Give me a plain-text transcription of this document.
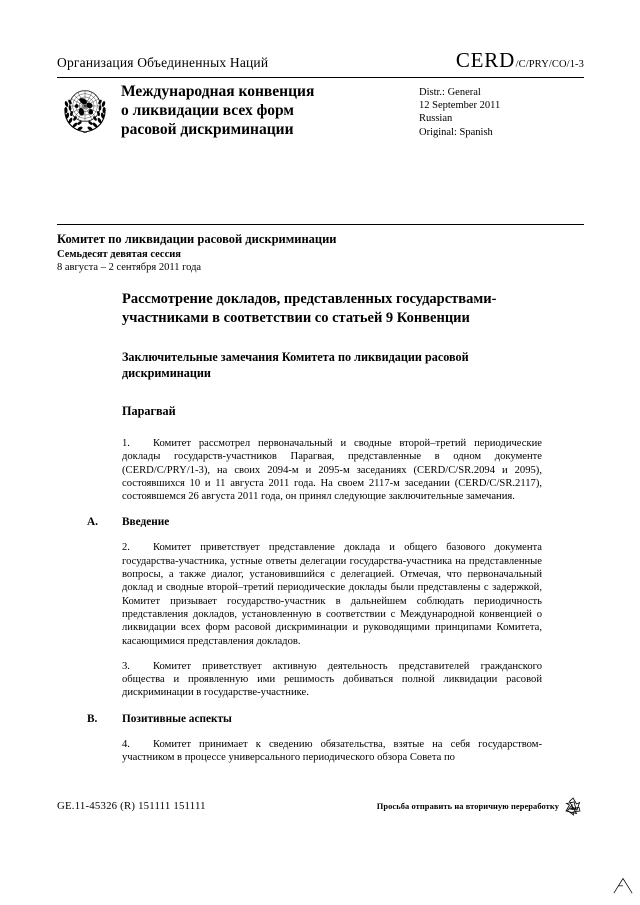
Организация Объединенных Наций	CERD /C/PRY/CO/1-3
Международная конвенция
о ликвидации всех форм
расовой дискриминации
Distr.: General
12 September 2011
Russian
Original: Spanish
Комитет по ликвидации расовой дискриминации
Семьдесят девятая сессия
8 августа – 2 сентября 2011 года
Рассмотрение докладов, представленных государствами-участниками в соответствии со статьей 9 Конвенции
Заключительные замечания Комитета по ликвидации расовой дискриминации
Парагвай

1. Комитет рассмотрел первоначальный и сводные второй–третий периодические доклады государств-участников Парагвая, представленные в одном документе (CERD/C/PRY/1-3), на своих 2094-м и 2095-м заседаниях (CERD/C/SR.2094 и 2095), состоявшихся 10 и 11 августа 2011 года. На своем 2117-м заседании (CERD/C/SR.2117), состоявшемся 26 августа 2011 года, он принял следующие заключительные замечания.

A.	Введение

2. Комитет приветствует представление доклада и общего базового документа государства-участника, устные ответы делегации государства-участника на представленные вопросы, а также диалог, установившийся с делегацией. Отмечая, что первоначальный доклад и сводные второй–третий периодические доклады были представлены с задержкой, Комитет призывает государство-участник в дальнейшем соблюдать периодичность представления докладов, установленную в соответствии с Международной конвенцией о ликвидации всех форм расовой дискриминации и руководящими принципами Комитета, касающимися представления докладов.

3. Комитет приветствует активную деятельность представителей гражданского общества и проявленную ими решимость добиваться полной ликвидации расовой дискриминации в государстве-участнике.

B.	Позитивные аспекты

4. Комитет принимает к сведению обязательства, взятые на себя государством-участником в процессе универсального периодического обзора Совета по

GE.11-45326 (R) 151111 151111	Просьба отправить на вторичную переработку
